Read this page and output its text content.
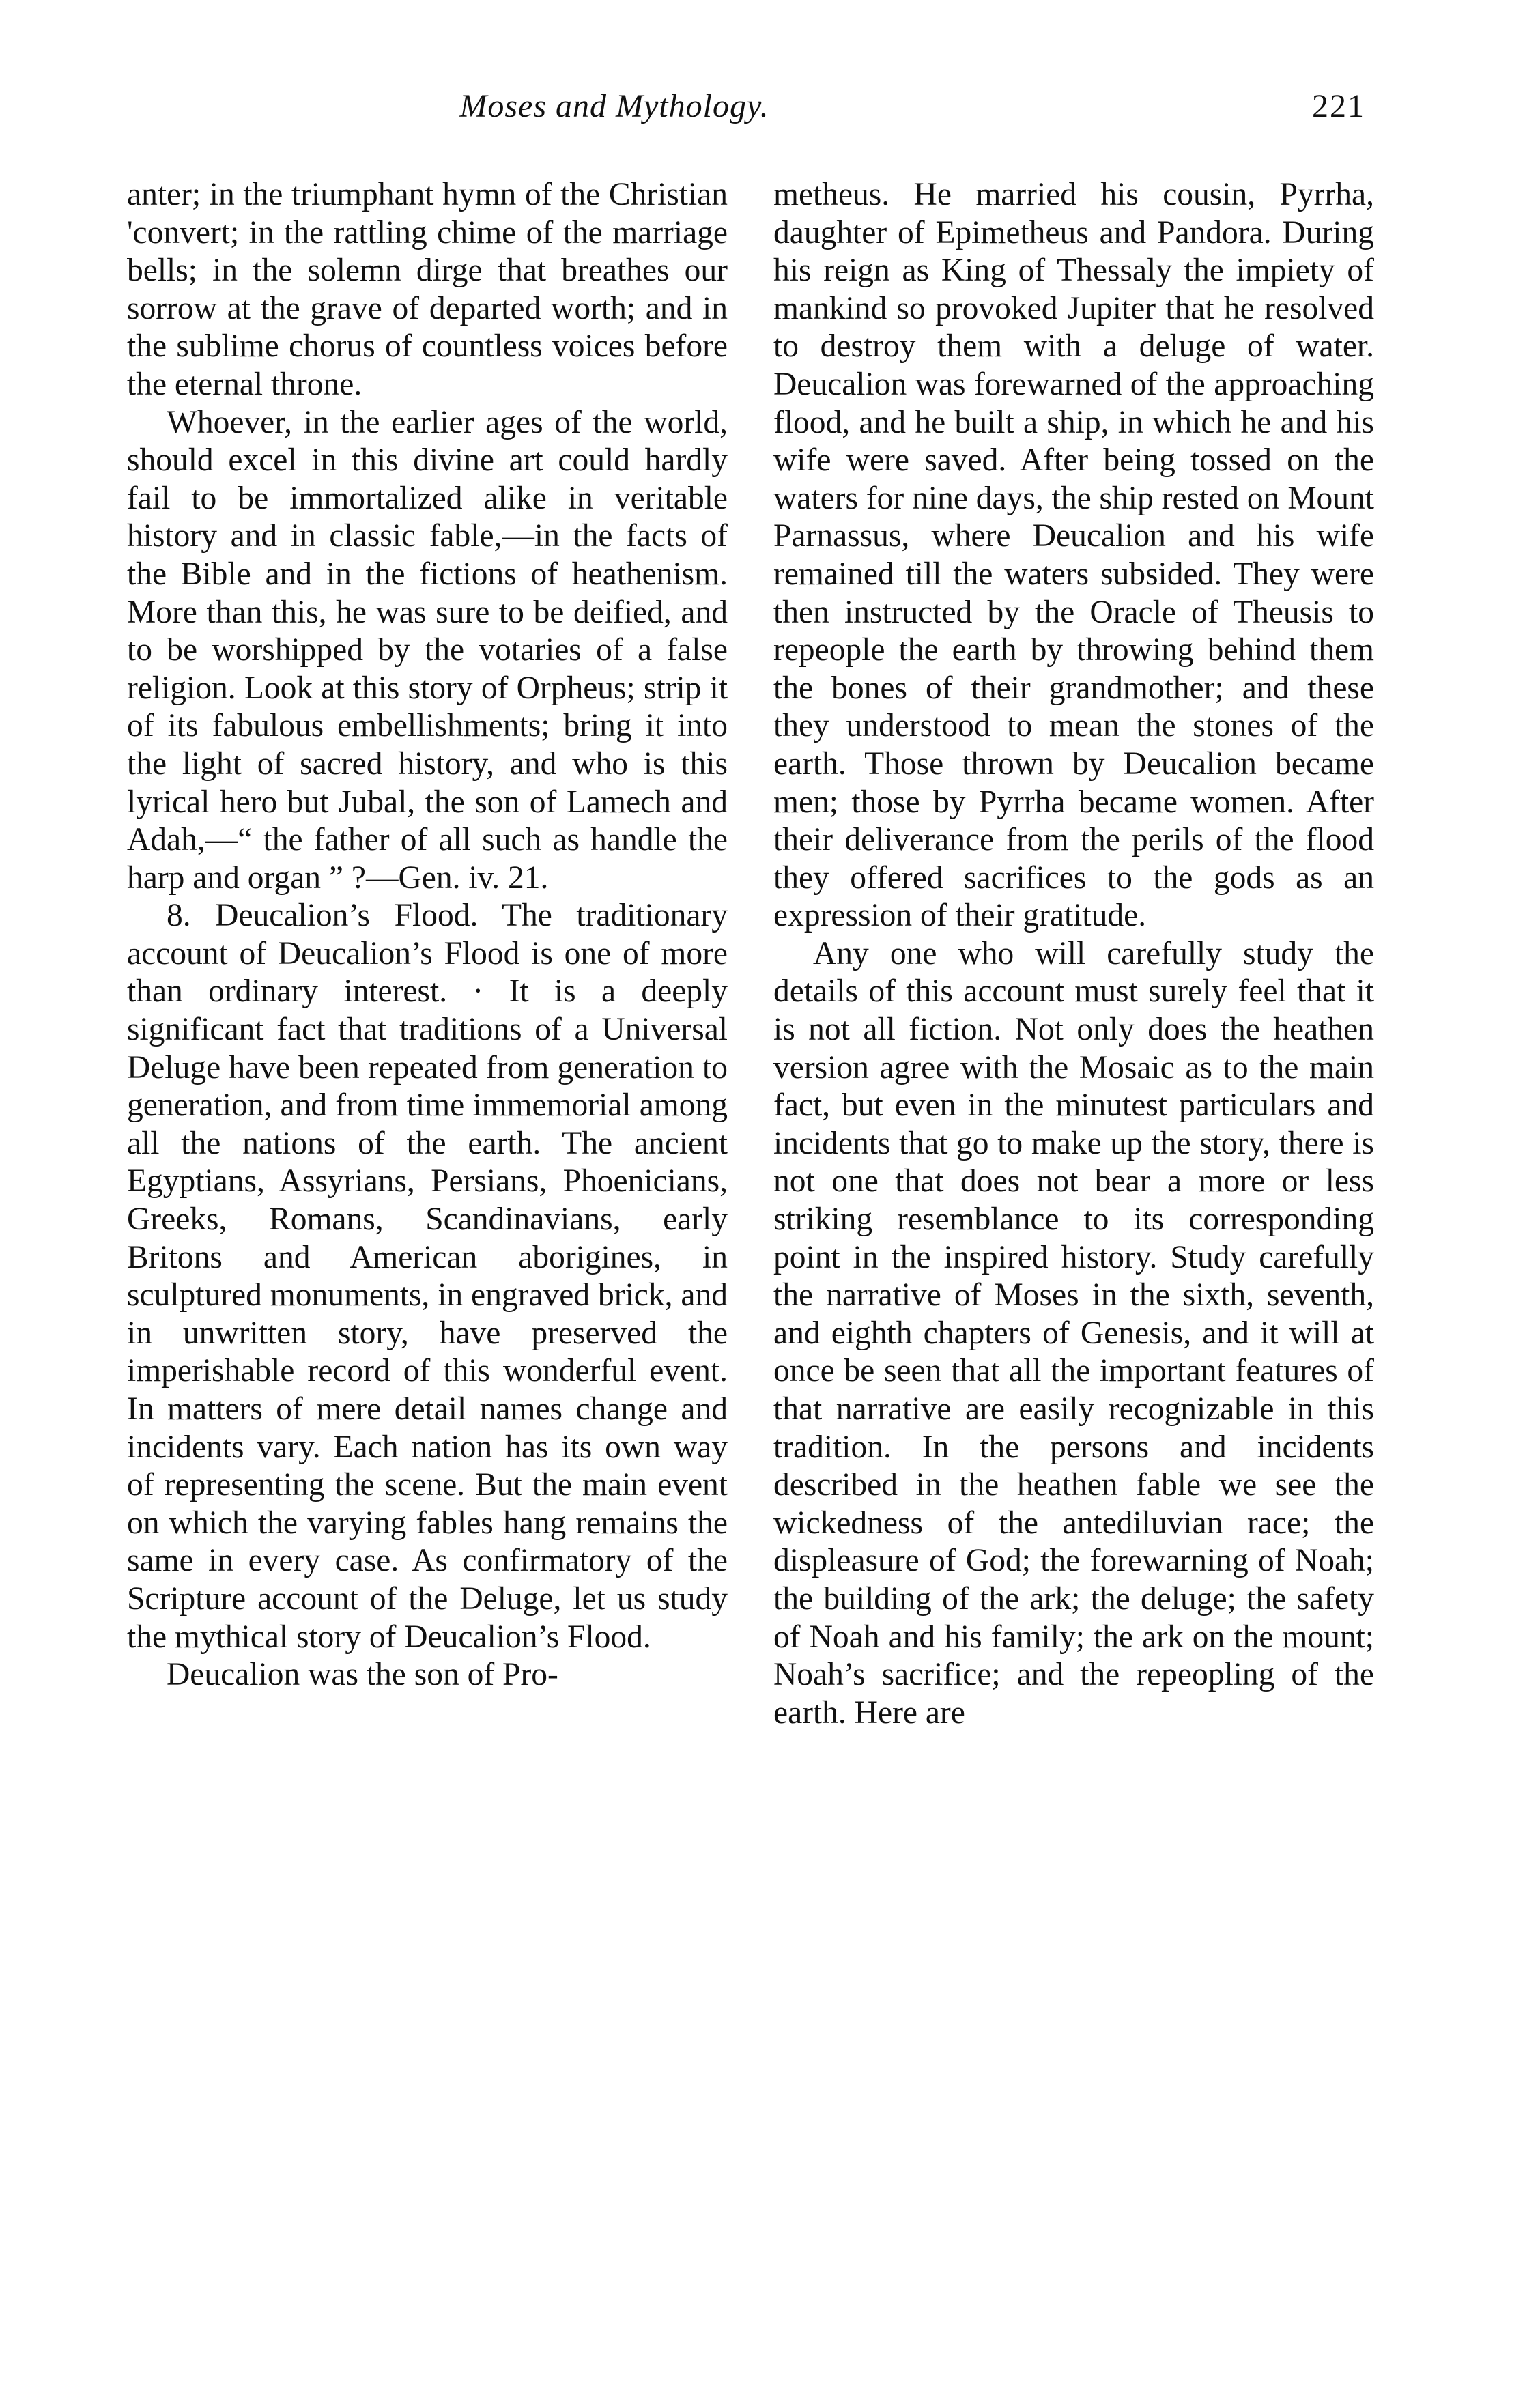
Moses and Mythology.	221

anter; in the triumphant hymn of the Christian 'convert; in the rattling chime of the marriage bells; in the solemn dirge that breathes our sorrow at the grave of departed worth; and in the sublime chorus of countless voices before the eternal throne.

Whoever, in the earlier ages of the world, should excel in this divine art could hardly fail to be immortalized alike in veritable history and in classic fable,—in the facts of the Bible and in the fictions of heathenism. More than this, he was sure to be deified, and to be worshipped by the votaries of a false religion. Look at this story of Orpheus; strip it of its fabulous embellishments; bring it into the light of sacred history, and who is this lyrical hero but Jubal, the son of Lamech and Adah,—“ the father of all such as handle the harp and organ ” ?—Gen. iv. 21.

8. Deucalion’s Flood. The traditionary account of Deucalion’s Flood is one of more than ordinary interest. · It is a deeply significant fact that traditions of a Universal Deluge have been repeated from generation to generation, and from time immemorial among all the nations of the earth. The ancient Egyptians, Assyrians, Persians, Phoenicians, Greeks, Romans, Scandinavians, early Britons and American aborigines, in sculptured monuments, in engraved brick, and in unwritten story, have preserved the imperishable record of this wonderful event. In matters of mere detail names change and incidents vary. Each nation has its own way of representing the scene. But the main event on which the varying fables hang remains the same in every case. As confirmatory of the Scripture account of the Deluge, let us study the mythical story of Deucalion’s Flood.

Deucalion was the son of Pro-

metheus. He married his cousin, Pyrrha, daughter of Epimetheus and Pandora. During his reign as King of Thessaly the impiety of mankind so provoked Jupiter that he resolved to destroy them with a deluge of water. Deucalion was forewarned of the approaching flood, and he built a ship, in which he and his wife were saved. After being tossed on the waters for nine days, the ship rested on Mount Parnassus, where Deucalion and his wife remained till the waters subsided. They were then instructed by the Oracle of Theusis to repeople the earth by throwing behind them the bones of their grandmother; and these they understood to mean the stones of the earth. Those thrown by Deucalion became men; those by Pyrrha became women. After their deliverance from the perils of the flood they offered sacrifices to the gods as an expression of their gratitude.

Any one who will carefully study the details of this account must surely feel that it is not all fiction. Not only does the heathen version agree with the Mosaic as to the main fact, but even in the minutest particulars and incidents that go to make up the story, there is not one that does not bear a more or less striking resemblance to its corresponding point in the inspired history. Study carefully the narrative of Moses in the sixth, seventh, and eighth chapters of Genesis, and it will at once be seen that all the important features of that narrative are easily recognizable in this tradition. In the persons and incidents described in the heathen fable we see the wickedness of the antediluvian race; the displeasure of God; the forewarning of Noah; the building of the ark; the deluge; the safety of Noah and his family; the ark on the mount; Noah’s sacrifice; and the repeopling of the earth. Here are
